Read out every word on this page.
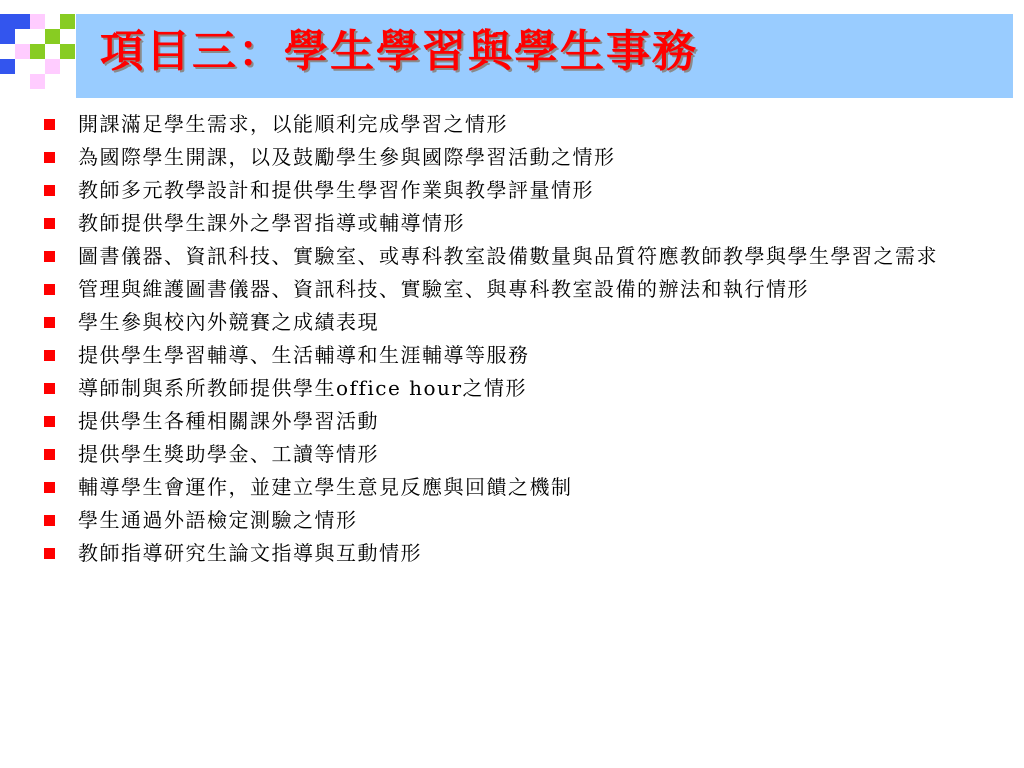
項目三：學生學習與學生事務
開課滿足學生需求，以能順利完成學習之情形
為國際學生開課，以及鼓勵學生參與國際學習活動之情形
教師多元教學設計和提供學生學習作業與教學評量情形
教師提供學生課外之學習指導或輔導情形
圖書儀器、資訊科技、實驗室、或專科教室設備數量與品質符應教師教學與學生學習之需求
管理與維護圖書儀器、資訊科技、實驗室、與專科教室設備的辦法和執行情形
學生參與校內外競賽之成績表現
提供學生學習輔導、生活輔導和生涯輔導等服務
導師制與系所教師提供學生office hour之情形
提供學生各種相關課外學習活動
提供學生獎助學金、工讀等情形
輔導學生會運作，並建立學生意見反應與回饋之機制
學生通過外語檢定測驗之情形
教師指導研究生論文指導與互動情形
